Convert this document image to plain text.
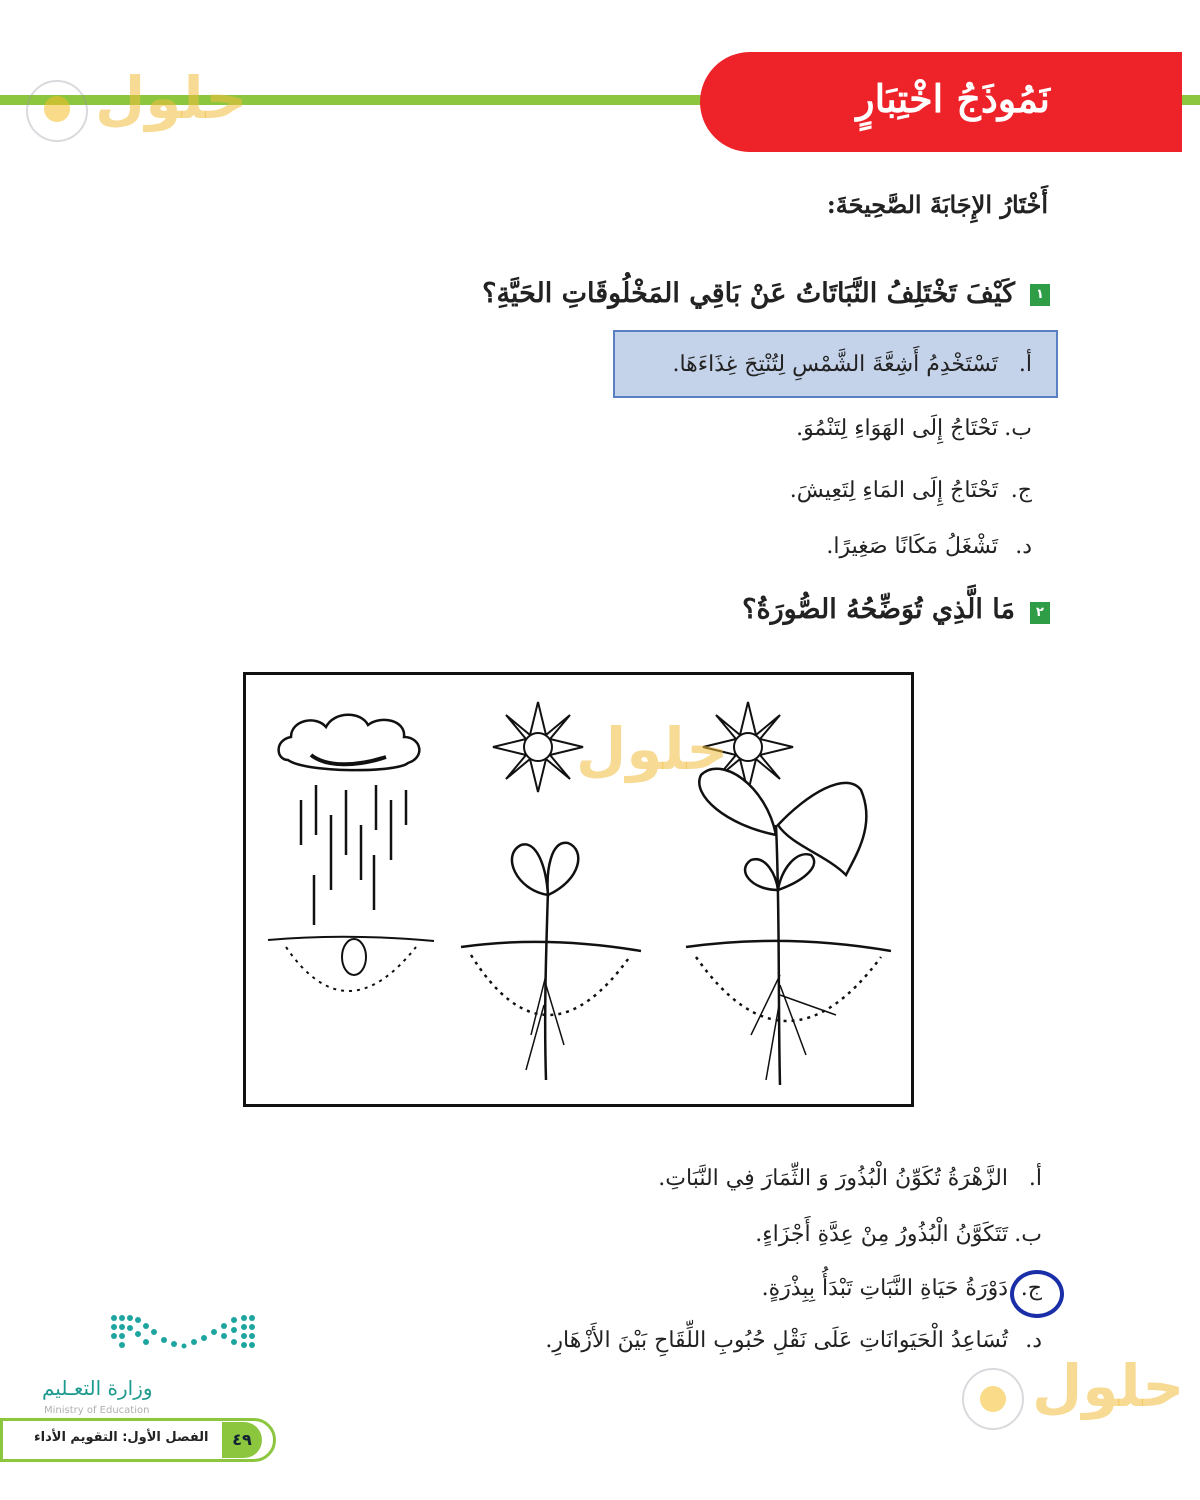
نَمُوذَجُ اخْتِبَارٍ
حلول
أَخْتَارُ الإِجَابَةَ الصَّحِيحَةَ:
١
كَيْفَ تَخْتَلِفُ النَّبَاتَاتُ عَنْ بَاقِي المَخْلُوقَاتِ الحَيَّةِ؟
أ.تَسْتَخْدِمُ أَشِعَّةَ الشَّمْسِ لِتُنْتِجَ غِذَاءَهَا.
ب.تَحْتَاجُ إِلَى الهَوَاءِ لِتَنْمُوَ.
ج.تَحْتَاجُ إِلَى المَاءِ لِتَعِيشَ.
د.تَشْغَلُ مَكَانًا صَغِيرًا.
٢
مَا الَّذِي تُوَضِّحُهُ الصُّورَةُ؟
حلول
أ.الزَّهْرَةُ تُكَوِّنُ الْبُذُورَ وَ الثِّمَارَ فِي النَّبَاتِ.
ب.تَتَكَوَّنُ الْبُذُورُ مِنْ عِدَّةِ أَجْزَاءٍ.
ج.دَوْرَةُ حَيَاةِ النَّبَاتِ تَبْدَأُ بِبِذْرَةٍ.
د.تُسَاعِدُ الْحَيَوانَاتِ عَلَى نَقْلِ حُبُوبِ اللِّقَاحِ بَيْنَ الأَزْهَارِ.
وزارة التعـليم
Ministry of Education
٤٩
الفصل الأول: التقويم الأداء
حلول
